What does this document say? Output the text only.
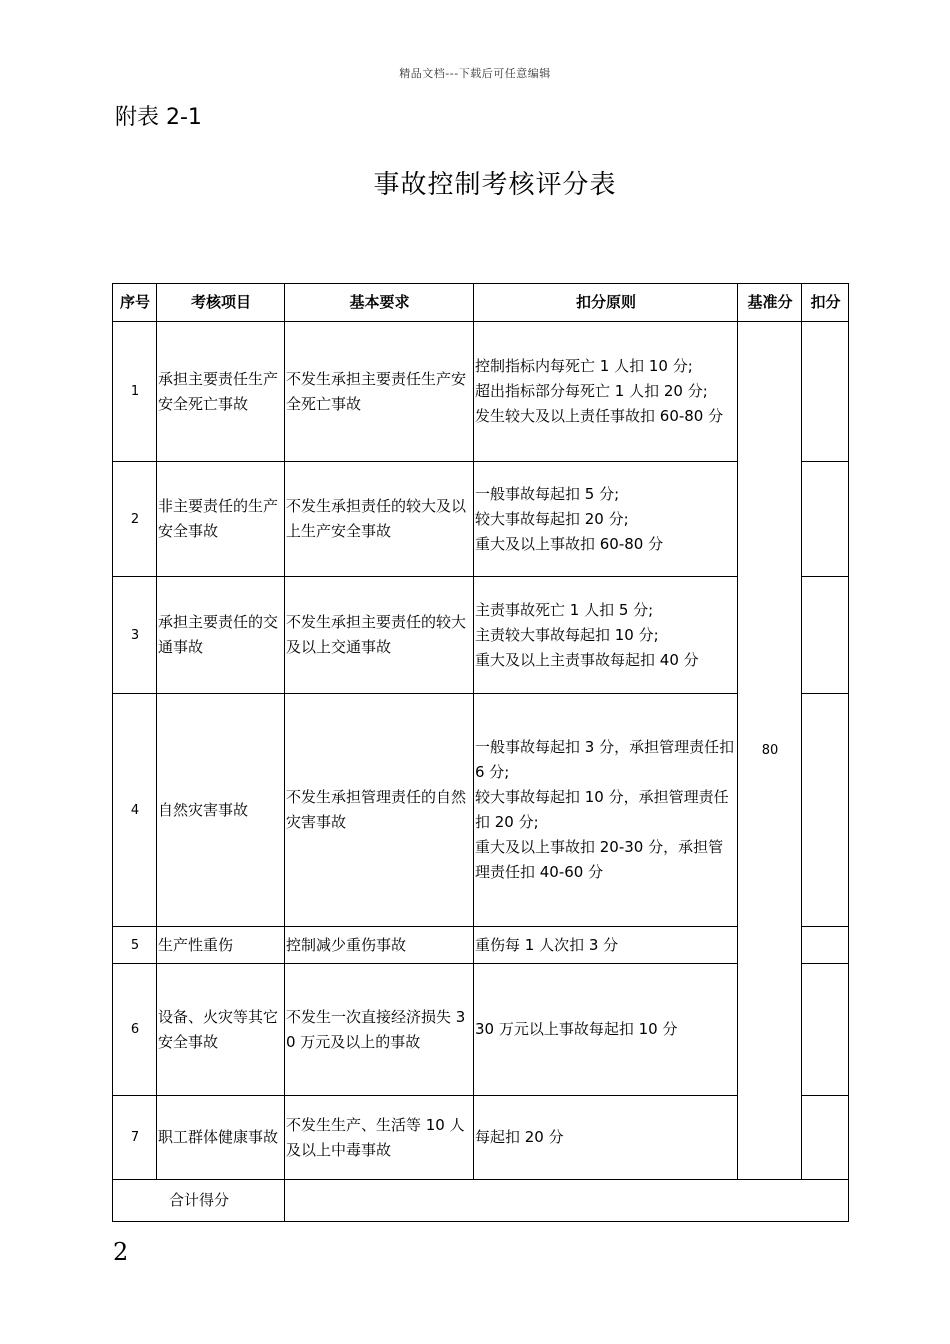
精品文档---下载后可任意编辑
附表 2-1
事故控制考核评分表
序号	考核项目	基本要求	扣分原则	基准分	扣分
1	承担主要责任生产安全死亡事故	不发生承担主要责任生产安全死亡事故	控制指标内每死亡 1 人扣 10 分;
超出指标部分每死亡 1 人扣 20 分;
发生较大及以上责任事故扣 60-80 分	80	
2	非主要责任的生产安全事故	不发生承担责任的较大及以上生产安全事故	一般事故每起扣 5 分;
较大事故每起扣 20 分;
重大及以上事故扣 60-80 分		

3	承担主要责任的交通事故	不发生承担主要责任的较大及以上交通事故	主责事故死亡 1 人扣 5 分;
主责较大事故每起扣 10 分;
重大及以上主责事故每起扣 40 分		

4	自然灾害事故	不发生承担管理责任的自然灾害事故	一般事故每起扣 3 分，承担管理责任扣 6 分;
较大事故每起扣 10 分，承担管理责任扣 20 分;
重大及以上事故扣 20-30 分，承担管理责任扣 40-60 分		

5	生产性重伤	控制减少重伤事故	重伤每 1 人次扣 3 分		

6	设备、火灾等其它安全事故	不发生一次直接经济损失 30 万元及以上的事故	30 万元以上事故每起扣 10 分		

7	职工群体健康事故	不发生生产、生活等 10 人及以上中毒事故	每起扣 20 分		

合计得分					
2
